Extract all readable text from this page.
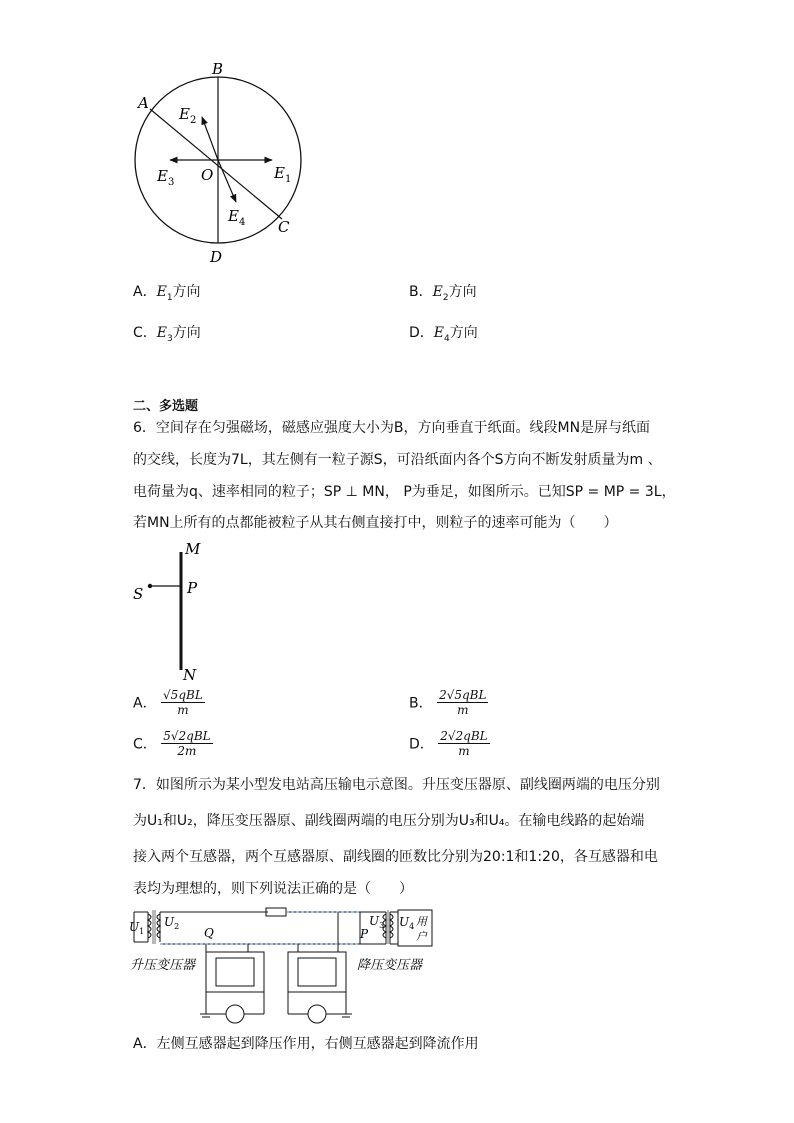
B
A
C
D
O	$E_1$
$E_2$
$E_3$
$E_4$
A．$E_1$方向	B．$E_2$方向
C．$E_3$方向	D．$E_4$方向
二、多选题
6．空间存在匀强磁场，磁感应强度大小为B，方向垂直于纸面。线段MN是屏与纸面
的交线，长度为7L，其左侧有一粒子源S，可沿纸面内各个S方向不断发射质量为m 、
电荷量为q、速率相同的粒子；SP ⊥ MN， P为垂足，如图所示。已知SP = MP = 3L，
若MN上所有的点都能被粒子从其右侧直接打中，则粒子的速率可能为（　　）
M
P
S
N
A． $\frac{\text{√5qBL}}{m}$	B． $\frac{\text{2√5qBL}}{m}$
C． $\frac{\text{5√2qBL}}{2m}$	D． $\frac{\text{2√2qBL}}{m}$
7．如图所示为某小型发电站高压输电示意图。升压变压器原、副线圈两端的电压分别
为U₁和U₂，降压变压器原、副线圈两端的电压分别为U₃和U₄。在输电线路的起始端
接入两个互感器，两个互感器原、副线圈的匝数比分别为20:1和1:20，各互感器和电
表均为理想的，则下列说法正确的是（　　）
$U_1$
$U_2$ Q	P
$U_3$ $U_4$ 用
户
升压变压器	降压变压器
A．左侧互感器起到降压作用，右侧互感器起到降流作用
